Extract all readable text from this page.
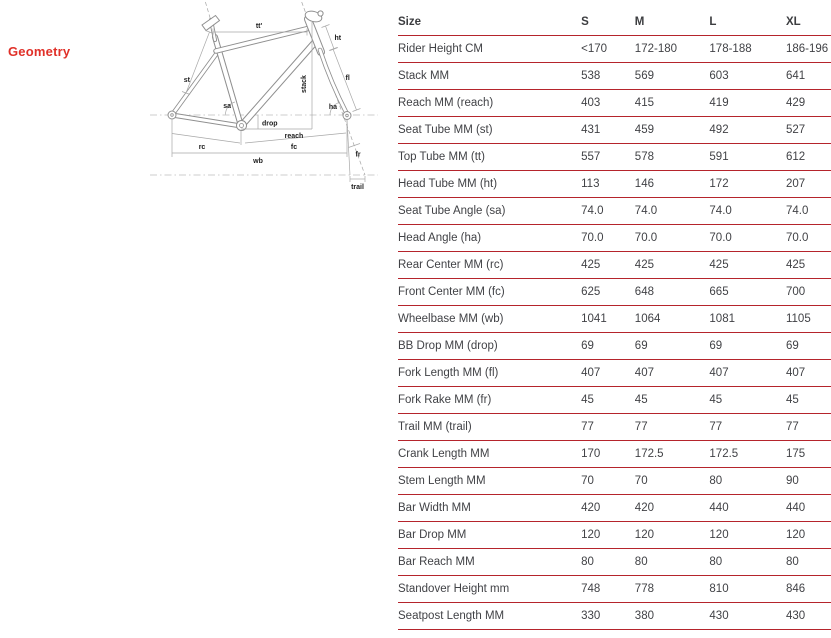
Geometry
tt'
ht
st
sa	ha
stack
drop
reach
rc	fc
wb
fl
fr
trail
Size	S	M	L	XL
Rider Height CM	<170	172-180	178-188	186-196
Stack MM	538	569	603	641
Reach MM (reach)	403	415	419	429
Seat Tube MM (st)	431	459	492	527
Top Tube MM (tt)	557	578	591	612
Head Tube MM (ht)	113	146	172	207
Seat Tube Angle (sa)	74.0	74.0	74.0	74.0
Head Angle (ha)	70.0	70.0	70.0	70.0
Rear Center MM (rc)	425	425	425	425
Front Center MM (fc)	625	648	665	700
Wheelbase MM (wb)	1041	1064	1081	1105
BB Drop MM (drop)	69	69	69	69
Fork Length MM (fl)	407	407	407	407
Fork Rake MM (fr)	45	45	45	45
Trail MM (trail)	77	77	77	77
Crank Length MM	170	172.5	172.5	175
Stem Length MM	70	70	80	90
Bar Width MM	420	420	440	440
Bar Drop MM	120	120	120	120
Bar Reach MM	80	80	80	80
Standover Height mm	748	778	810	846
Seatpost Length MM	330	380	430	430
